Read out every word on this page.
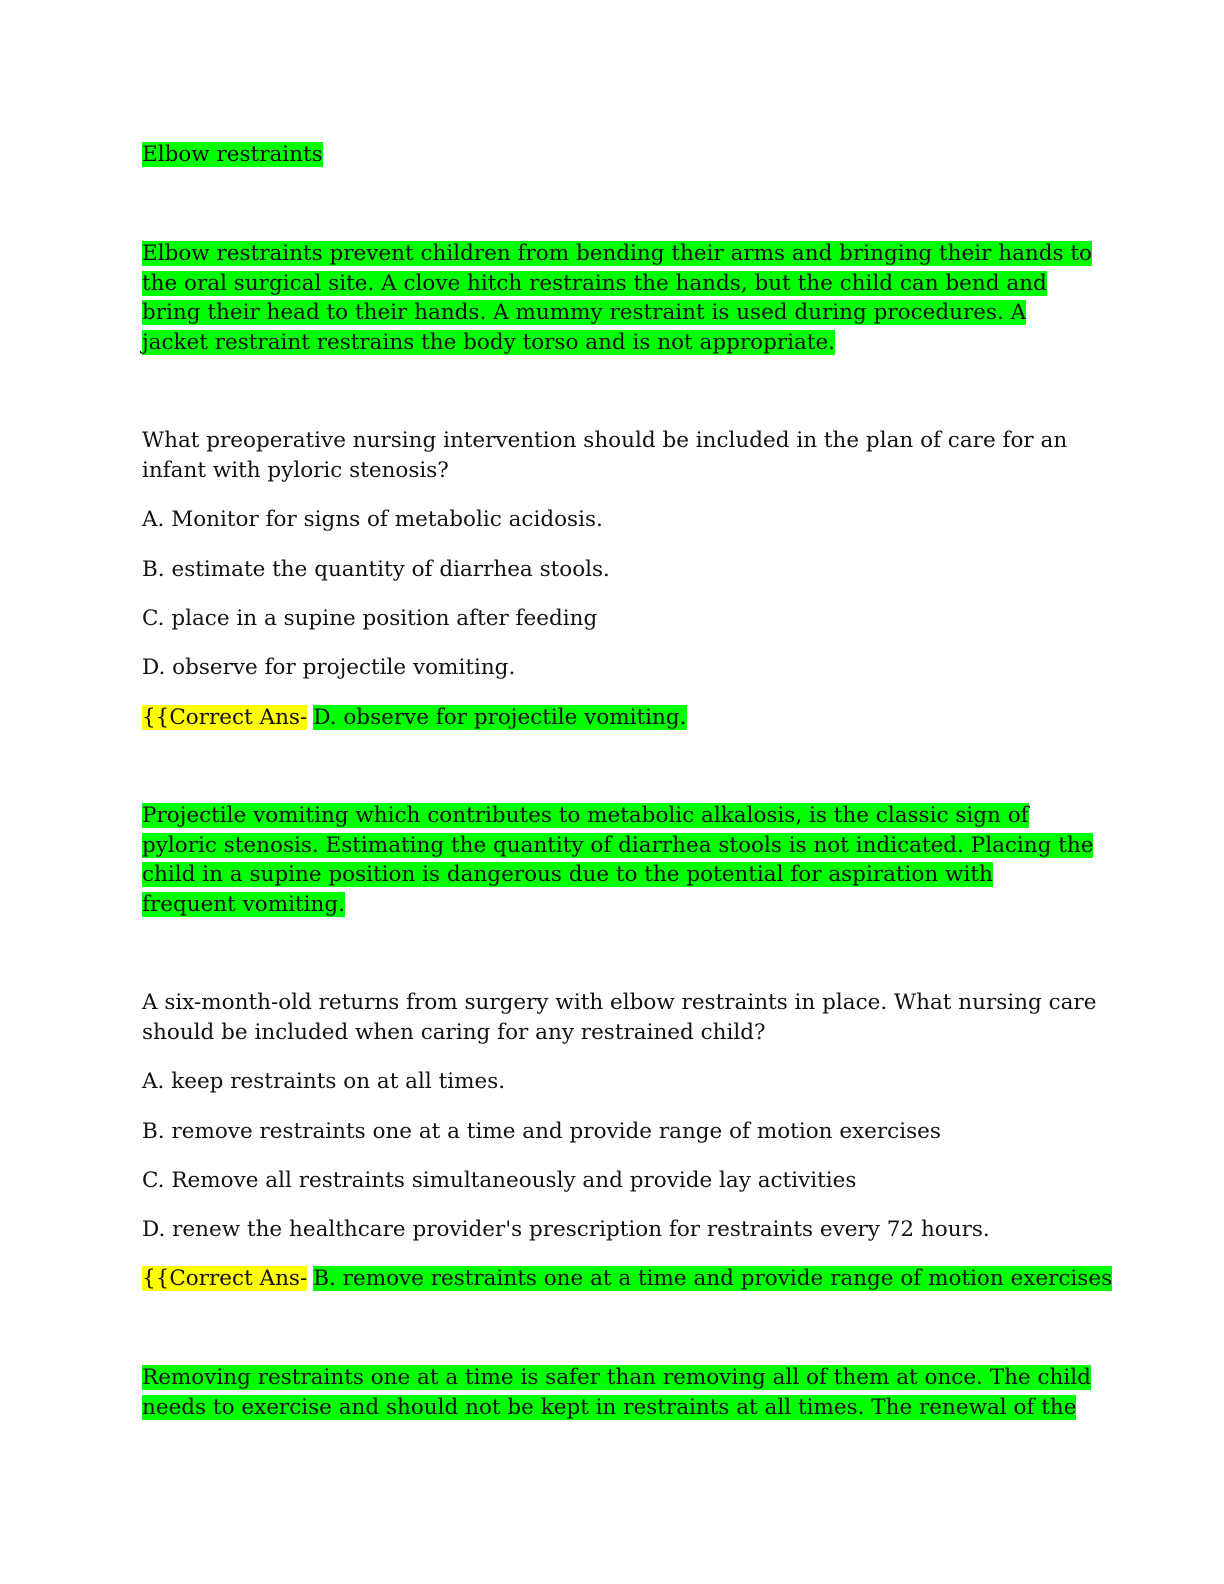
Elbow restraints
Elbow restraints prevent children from bending their arms and bringing their hands to
the oral surgical site. A clove hitch restrains the hands, but the child can bend and
bring their head to their hands. A mummy restraint is used during procedures. A
jacket restraint restrains the body torso and is not appropriate.
What preoperative nursing intervention should be included in the plan of care for an
infant with pyloric stenosis?
A. Monitor for signs of metabolic acidosis.
B. estimate the quantity of diarrhea stools.
C. place in a supine position after feeding
D. observe for projectile vomiting.
{{Correct Ans- D. observe for projectile vomiting.
Projectile vomiting which contributes to metabolic alkalosis, is the classic sign of
pyloric stenosis. Estimating the quantity of diarrhea stools is not indicated. Placing the
child in a supine position is dangerous due to the potential for aspiration with
frequent vomiting.
A six-month-old returns from surgery with elbow restraints in place. What nursing care
should be included when caring for any restrained child?
A. keep restraints on at all times.
B. remove restraints one at a time and provide range of motion exercises
C. Remove all restraints simultaneously and provide lay activities
D. renew the healthcare provider's prescription for restraints every 72 hours.
{{Correct Ans- B. remove restraints one at a time and provide range of motion exercises
Removing restraints one at a time is safer than removing all of them at once. The child
needs to exercise and should not be kept in restraints at all times. The renewal of the
